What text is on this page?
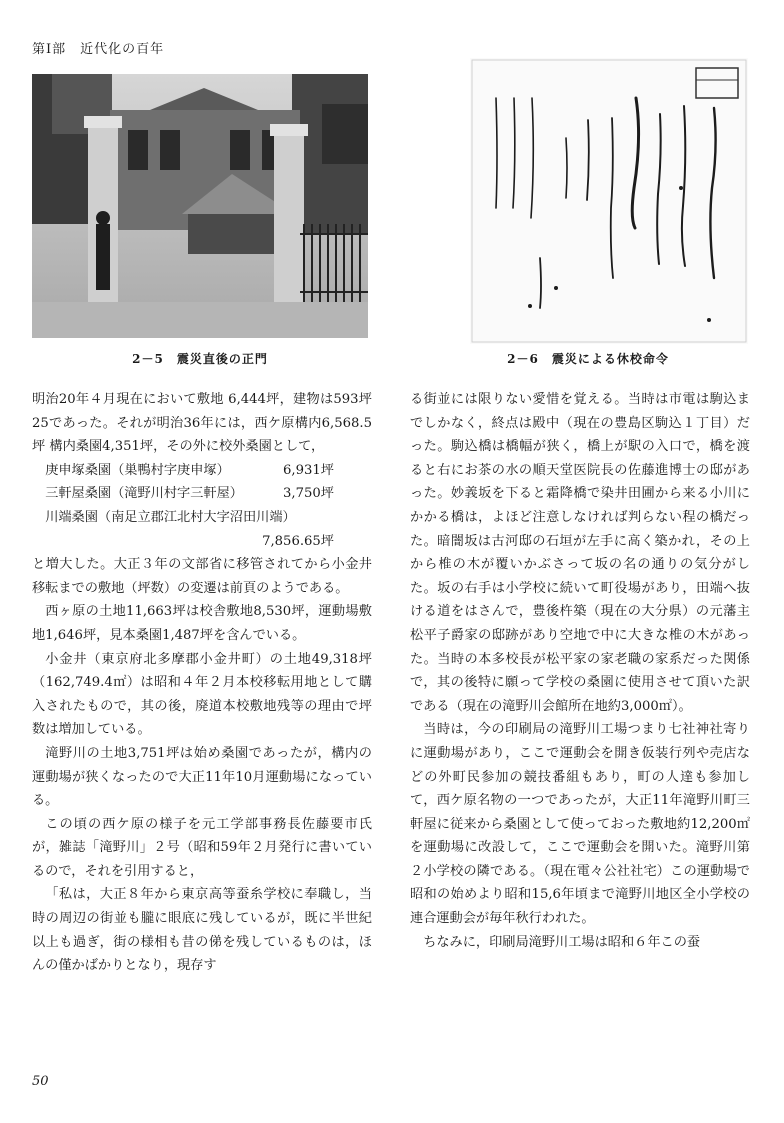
第Ⅰ部　近代化の百年
2－5　震災直後の正門	2－6　震災による休校命令

明治20年４月現在において敷地 6,444坪，建物は593坪25であった。それが明治36年には，西ケ原構内6,568.5坪 構内桑園4,351坪，その外に校外桑園として，

庚申塚桑園（巣鴨村字庚申塚）	6,931坪
三軒屋桑園（滝野川村字三軒屋）	3,750坪
川端桑園（南足立郡江北村大字沼田川端）
7,856.65坪

と増大した。大正３年の文部省に移管されてから小金井移転までの敷地（坪数）の変遷は前頁のようである。

西ヶ原の土地11,663坪は校舎敷地8,530坪，運動場敷地1,646坪，見本桑園1,487坪を含んでいる。

小金井（東京府北多摩郡小金井町）の土地49,318坪（162,749.4㎡）は昭和４年２月本校移転用地として購入されたもので，其の後，廃道本校敷地残等の理由で坪数は増加している。

滝野川の土地3,751坪は始め桑園であったが，構内の運動場が狭くなったので大正11年10月運動場になっている。

この頃の西ケ原の様子を元工学部事務長佐藤要市氏が，雑誌「滝野川」２号（昭和59年２月発行に書いているので，それを引用すると，

「私は，大正８年から東京高等蚕糸学校に奉職し，当時の周辺の街並も朧に眼底に残しているが，既に半世紀以上も過ぎ，街の様相も昔の俤を残しているものは，ほんの僅かばかりとなり，現存す

る街並には限りない愛惜を覚える。当時は市電は駒込までしかなく，終点は殿中（現在の豊島区駒込１丁目）だった。駒込橋は橋幅が狭く，橋上が駅の入口で，橋を渡ると右にお茶の水の順天堂医院長の佐藤進博士の邸があった。妙義坂を下ると霜降橋で染井田圃から来る小川にかかる橋は，よほど注意しなければ判らない程の橋だった。暗闇坂は古河邸の石垣が左手に高く築かれ，その上から椎の木が覆いかぶさって坂の名の通りの気分がした。坂の右手は小学校に続いて町役場があり，田端へ抜ける道をはさんで，豊後杵築（現在の大分県）の元藩主松平子爵家の邸跡があり空地で中に大きな椎の木があった。当時の本多校長が松平家の家老職の家系だった関係で，其の後特に願って学校の桑園に使用させて頂いた訳である（現在の滝野川会館所在地約3,000㎡）。

当時は，今の印刷局の滝野川工場つまり七社神社寄りに運動場があり，ここで運動会を開き仮装行列や売店などの外町民参加の競技番組もあり，町の人達も参加して，西ケ原名物の一つであったが，大正11年滝野川町三軒屋に従来から桑園として使っておった敷地約12,200㎡を運動場に改設して，ここで運動会を開いた。滝野川第２小学校の隣である。（現在電々公社社宅）この運動場で昭和の始めより昭和15,6年頃まで滝野川地区全小学校の連合運動会が毎年秋行われた。

ちなみに，印刷局滝野川工場は昭和６年この蚕

50
